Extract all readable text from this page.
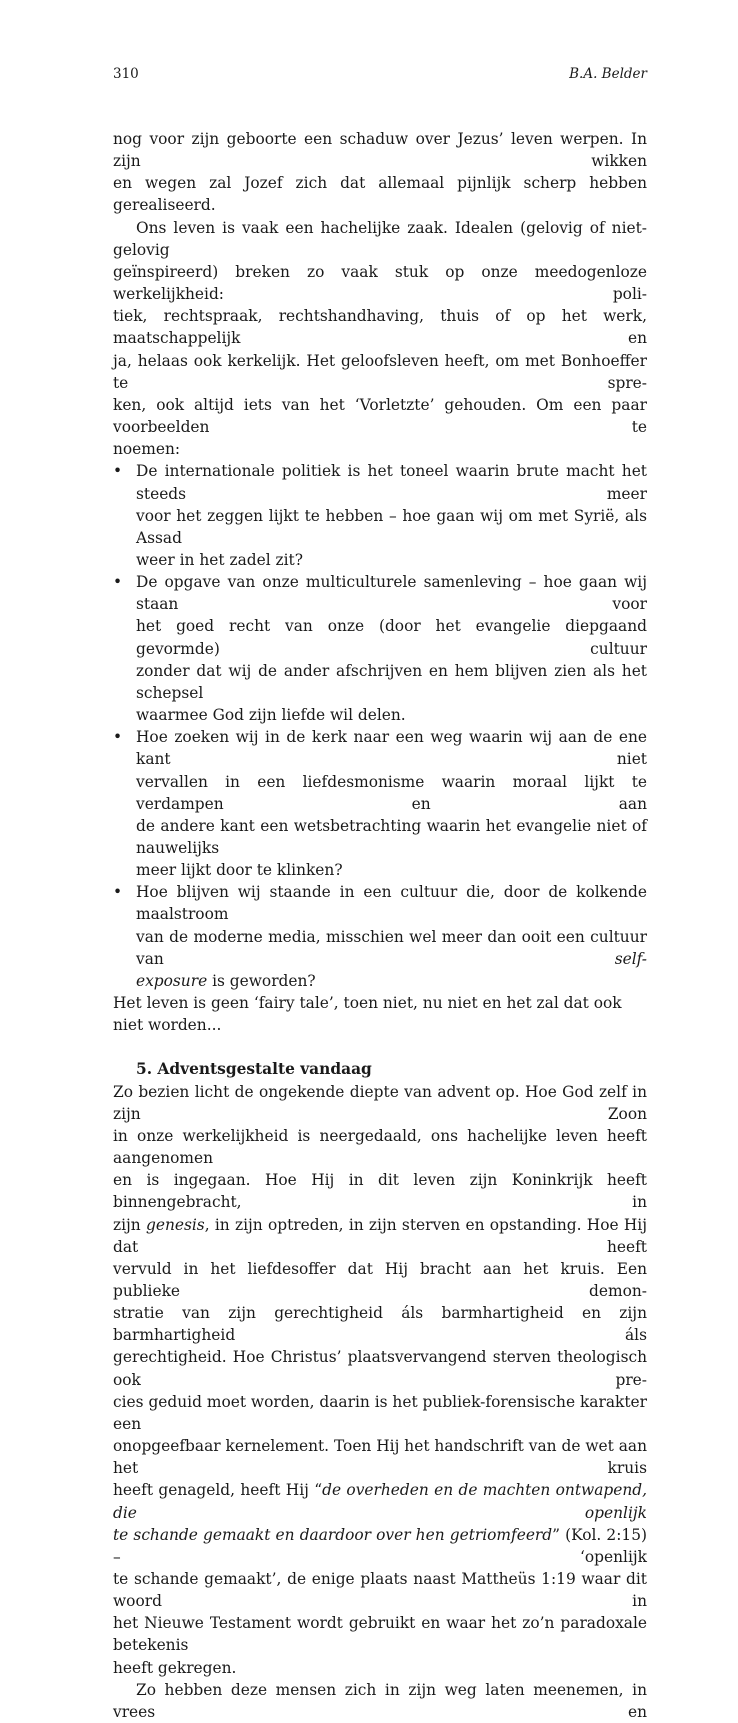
310	B.A. Belder

nog voor zijn geboorte een schaduw over Jezus’ leven werpen. In zijn wikken
en wegen zal Jozef zich dat allemaal pijnlijk scherp hebben gerealiseerd.

Ons leven is vaak een hachelijke zaak. Idealen (gelovig of niet-gelovig
geïnspireerd) breken zo vaak stuk op onze meedogenloze werkelijkheid: poli-
tiek, rechtspraak, rechtshandhaving, thuis of op het werk, maatschappelijk en
ja, helaas ook kerkelijk. Het geloofsleven heeft, om met Bonhoeffer te spre-
ken, ook altijd iets van het ‘Vorletzte’ gehouden. Om een paar voorbeelden te
noemen:

• De internationale politiek is het toneel waarin brute macht het steeds meer
voor het zeggen lijkt te hebben – hoe gaan wij om met Syrië, als Assad
weer in het zadel zit?
• De opgave van onze multiculturele samenleving – hoe gaan wij staan voor
het goed recht van onze (door het evangelie diepgaand gevormde) cultuur
zonder dat wij de ander afschrijven en hem blijven zien als het schepsel
waarmee God zijn liefde wil delen.
• Hoe zoeken wij in de kerk naar een weg waarin wij aan de ene kant niet
vervallen in een liefdesmonisme waarin moraal lijkt te verdampen en aan
de andere kant een wetsbetrachting waarin het evangelie niet of nauwelijks
meer lijkt door te klinken?
• Hoe blijven wij staande in een cultuur die, door de kolkende maalstroom
van de moderne media, misschien wel meer dan ooit een cultuur van self-
exposure is geworden?

Het leven is geen ‘fairy tale’, toen niet, nu niet en het zal dat ook niet worden...

5. Adventsgestalte vandaag

Zo bezien licht de ongekende diepte van advent op. Hoe God zelf in zijn Zoon
in onze werkelijkheid is neergedaald, ons hachelijke leven heeft aangenomen
en is ingegaan. Hoe Hij in dit leven zijn Koninkrijk heeft binnengebracht, in
zijn genesis, in zijn optreden, in zijn sterven en opstanding. Hoe Hij dat heeft
vervuld in het liefdesoffer dat Hij bracht aan het kruis. Een publieke demon-
stratie van zijn gerechtigheid áls barmhartigheid en zijn barmhartigheid áls
gerechtigheid. Hoe Christus’ plaatsvervangend sterven theologisch ook pre-
cies geduid moet worden, daarin is het publiek-forensische karakter een
onopgeefbaar kernelement. Toen Hij het handschrift van de wet aan het kruis
heeft genageld, heeft Hij “de overheden en de machten ontwapend, die openlijk
te schande gemaakt en daardoor over hen getriomfeerd” (Kol. 2:15) – ‘openlijk
te schande gemaakt’, de enige plaats naast Mattheüs 1:19 waar dit woord in
het Nieuwe Testament wordt gebruikt en waar het zo’n paradoxale betekenis
heeft gekregen.

Zo hebben deze mensen zich in zijn weg laten meenemen, in vrees en
